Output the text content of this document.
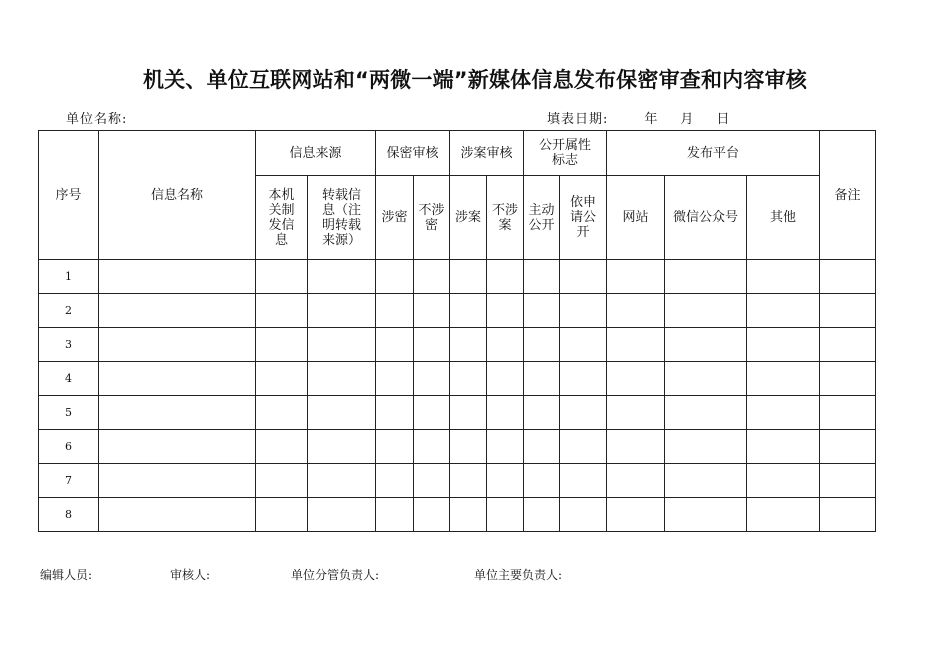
机关、单位互联网站和“两微一端”新媒体信息发布保密审查和内容审核
单位名称:	填表日期:	年 月 日
序号	信息名称	信息来源		保密审核		涉案审核		公开属性标志		发布平台			备注
		本机关制发信息	转载信息（注明转载来源）	涉密	不涉密	涉案	不涉案	主动公开	依申请公开	网站	微信公众号	其他	
1													
2													
3													
4													
5													
6													
7													
8													
编辑人员:	审核人:	单位分管负责人:	单位主要负责人:
